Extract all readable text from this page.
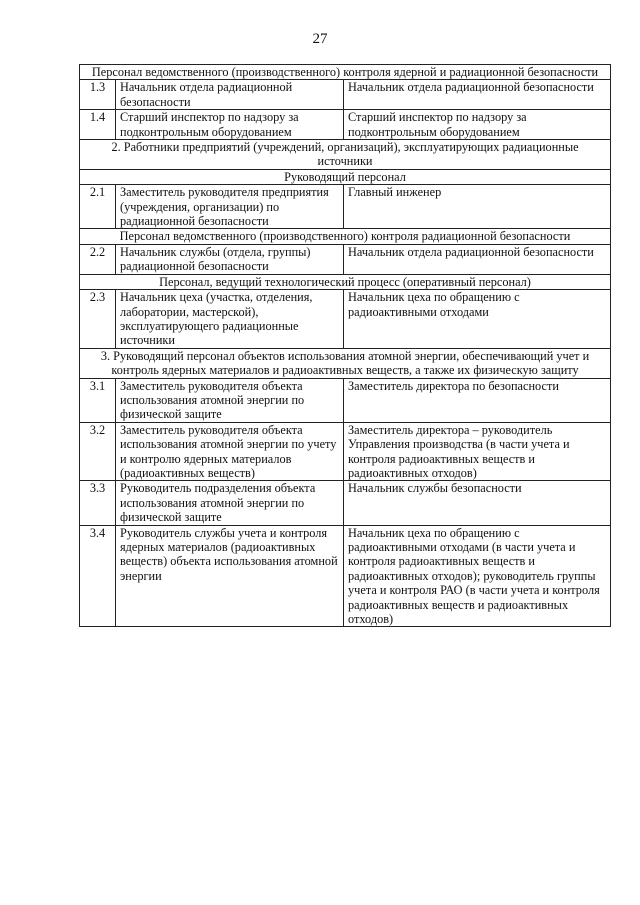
27
Персонал ведомственного (производственного) контроля ядерной и радиационной безопасности		
1.3	Начальник отдела радиационной безопасности	Начальник отдела радиационной безопасности
1.4	Старший инспектор по надзору за подконтрольным оборудованием	Старший инспектор по надзору за подконтрольным оборудованием
2. Работники предприятий (учреждений, организаций), эксплуатирующих радиационные источники		
Руководящий персонал		
2.1	Заместитель руководителя предприятия (учреждения, организации) по радиационной безопасности	Главный инженер
Персонал ведомственного (производственного) контроля радиационной безопасности		
2.2	Начальник службы (отдела, группы) радиационной безопасности	Начальник отдела радиационной безопасности
Персонал, ведущий технологический процесс (оперативный персонал)		
2.3	Начальник цеха (участка, отделения, лаборатории, мастерской), эксплуатирующего радиационные источники	Начальник цеха по обращению с радиоактивными отходами
3. Руководящий персонал объектов использования атомной энергии, обеспечивающий учет и контроль ядерных материалов и радиоактивных веществ, а также их физическую защиту		
3.1	Заместитель руководителя объекта использования атомной энергии по физической защите	Заместитель директора по безопасности
3.2	Заместитель руководителя объекта использования атомной энергии по учету и контролю ядерных материалов (радиоактивных веществ)	Заместитель директора – руководитель Управления производства (в части учета и контроля радиоактивных веществ и радиоактивных отходов)
3.3	Руководитель подразделения объекта использования атомной энергии по физической защите	Начальник службы безопасности
3.4	Руководитель службы учета и контроля ядерных материалов (радиоактивных веществ) объекта использования атомной энергии	Начальник цеха по обращению с радиоактивными отходами (в части учета и контроля радиоактивных веществ и радиоактивных отходов); руководитель группы учета и контроля РАО (в части учета и контроля радиоактивных веществ и радиоактивных отходов)
